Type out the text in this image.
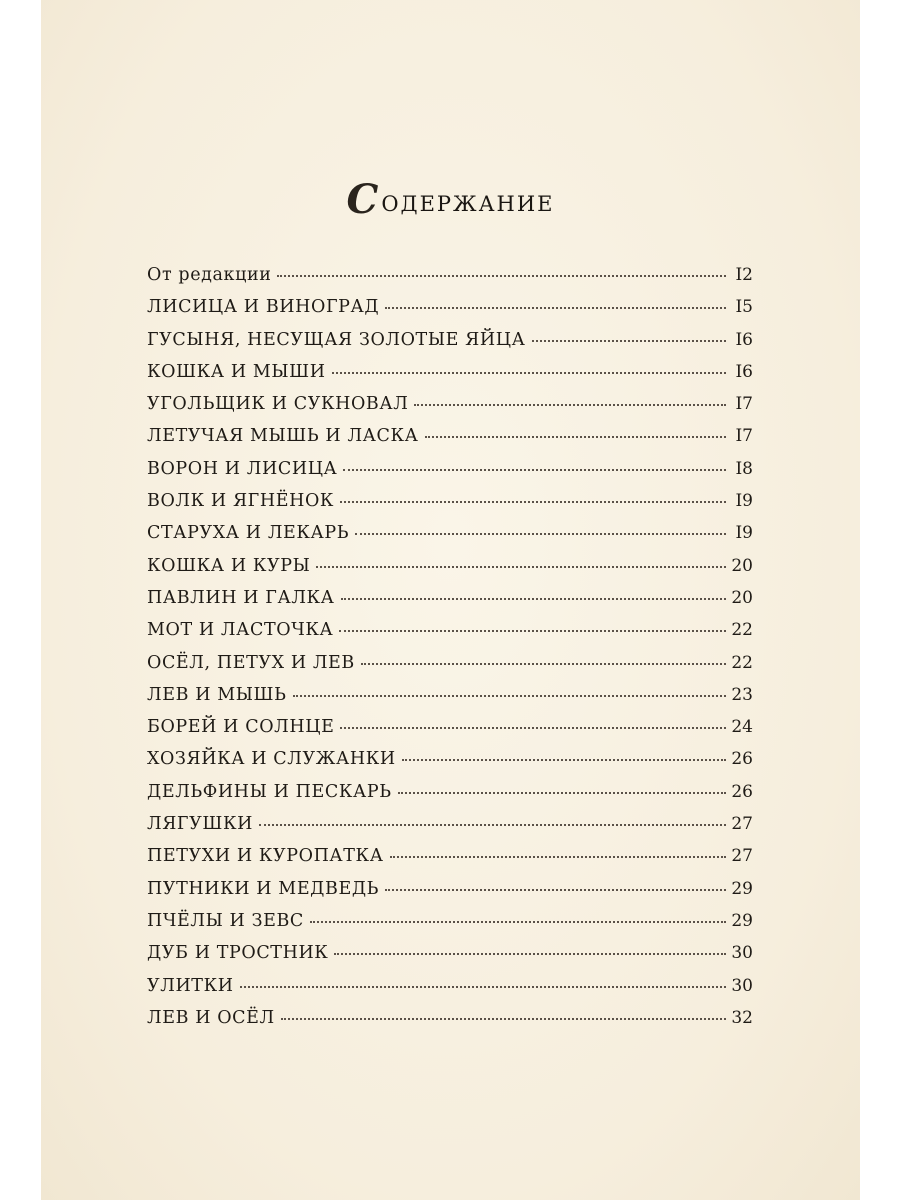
Содержание
От редакции	I2
ЛИСИЦА И ВИНОГРАД	I5
ГУСЫНЯ, НЕСУЩАЯ ЗОЛОТЫЕ ЯЙЦА	I6
КОШКА И МЫШИ	I6
УГОЛЬЩИК И СУКНОВАЛ	I7
ЛЕТУЧАЯ МЫШЬ И ЛАСКА	I7
ВОРОН И ЛИСИЦА	I8
ВОЛК И ЯГНЁНОК	I9
СТАРУХА И ЛЕКАРЬ	I9
КОШКА И КУРЫ	20
ПАВЛИН И ГАЛКА	20
МОТ И ЛАСТОЧКА	22
ОСЁЛ, ПЕТУХ И ЛЕВ	22
ЛЕВ И МЫШЬ	23
БОРЕЙ И СОЛНЦЕ	24
ХОЗЯЙКА И СЛУЖАНКИ	26
ДЕЛЬФИНЫ И ПЕСКАРЬ	26
ЛЯГУШКИ	27
ПЕТУХИ И КУРОПАТКА	27
ПУТНИКИ И МЕДВЕДЬ	29
ПЧЁЛЫ И ЗЕВС	29
ДУБ И ТРОСТНИК	30
УЛИТКИ	30
ЛЕВ И ОСЁЛ	32
